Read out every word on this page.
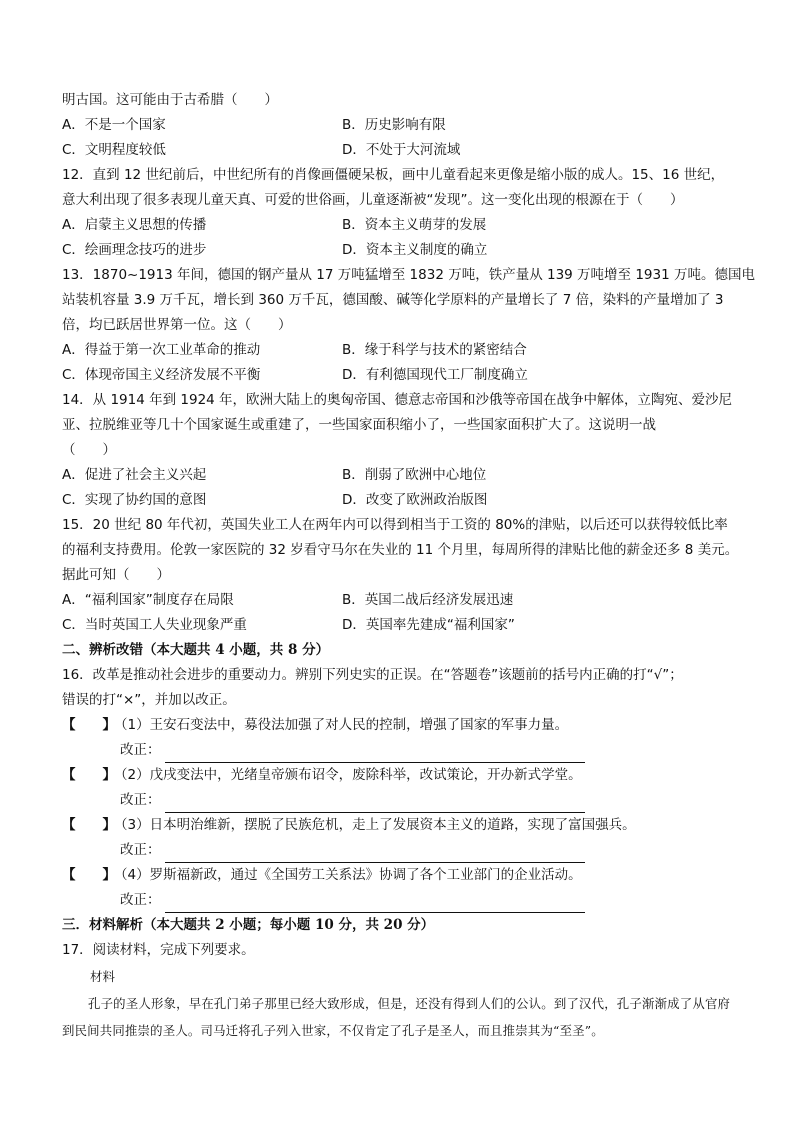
明古国。这可能由于古希腊（　　）
A．不是一个国家	B．历史影响有限
C．文明程度较低	D．不处于大河流域
12．直到 12 世纪前后，中世纪所有的肖像画僵硬呆板，画中儿童看起来更像是缩小版的成人。15、16 世纪，
意大利出现了很多表现儿童天真、可爱的世俗画，儿童逐渐被“发现”。这一变化出现的根源在于（　　）
A．启蒙主义思想的传播	B．资本主义萌芽的发展
C．绘画理念技巧的进步	D．资本主义制度的确立
13．1870~1913 年间，德国的钢产量从 17 万吨猛增至 1832 万吨，铁产量从 139 万吨增至 1931 万吨。德国电
站装机容量 3.9 万千瓦，增长到 360 万千瓦，德国酸、碱等化学原料的产量增长了 7 倍，染料的产量增加了 3
倍，均已跃居世界第一位。这（　　）
A．得益于第一次工业革命的推动	B．缘于科学与技术的紧密结合
C．体现帝国主义经济发展不平衡	D．有利德国现代工厂制度确立
14．从 1914 年到 1924 年，欧洲大陆上的奥匈帝国、德意志帝国和沙俄等帝国在战争中解体，立陶宛、爱沙尼
亚、拉脱维亚等几十个国家诞生或重建了，一些国家面积缩小了，一些国家面积扩大了。这说明一战
（　　）
A．促进了社会主义兴起	B．削弱了欧洲中心地位
C．实现了协约国的意图	D．改变了欧洲政治版图
15．20 世纪 80 年代初，英国失业工人在两年内可以得到相当于工资的 80%的津贴，以后还可以获得较低比率
的福利支持费用。伦敦一家医院的 32 岁看守马尔在失业的 11 个月里，每周所得的津贴比他的薪金还多 8 美元。
据此可知（　　）
A．“福利国家”制度存在局限	B．英国二战后经济发展迅速
C．当时英国工人失业现象严重	D．英国率先建成“福利国家”
二、辨析改错（本大题共 4 小题，共 8 分）
16．改革是推动社会进步的重要动力。辨别下列史实的正误。在“答题卷”该题前的括号内正确的打“√”；
错误的打“×”，并加以改正。
【　　】
（1）王安石变法中，募役法加强了对人民的控制，增强了国家的军事力量。
改正：
【　　】
（2）戊戌变法中，光绪皇帝颁布诏令，废除科举，改试策论，开办新式学堂。
改正：
【　　】
（3）日本明治维新，摆脱了民族危机，走上了发展资本主义的道路，实现了富国强兵。
改正：
【　　】
（4）罗斯福新政，通过《全国劳工关系法》协调了各个工业部门的企业活动。
改正：
三．材料解析（本大题共 2 小题；每小题 10 分，共 20 分）
17．阅读材料，完成下列要求。
材料
孔子的圣人形象，早在孔门弟子那里已经大致形成，但是，还没有得到人们的公认。到了汉代，孔子渐渐成了从官府到民间共同推崇的圣人。司马迁将孔子列入世家，不仅肯定了孔子是圣人，而且推崇其为“至圣”。
